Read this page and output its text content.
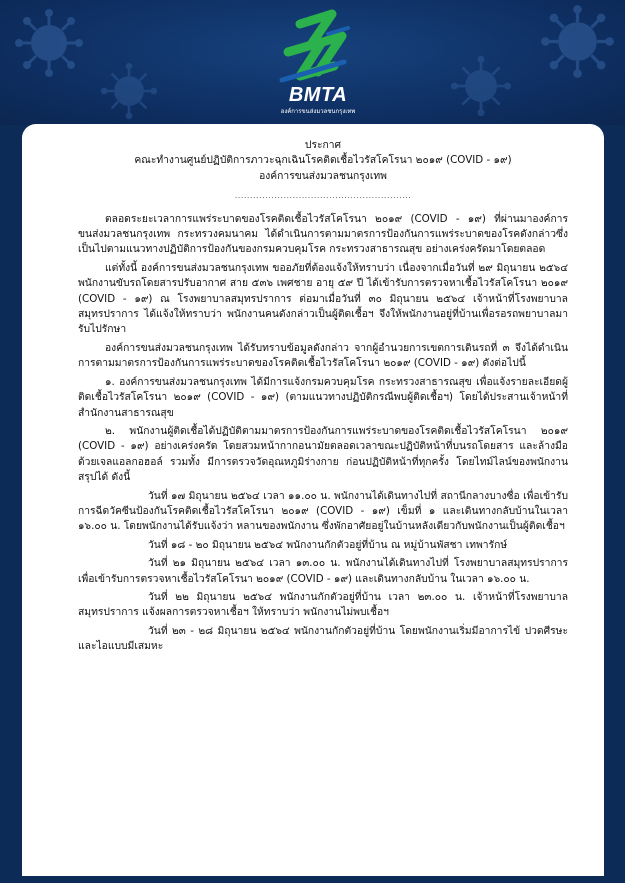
BMTA
องค์การขนส่งมวลชนกรุงเทพ
ประกาศ
คณะทำงานศูนย์ปฏิบัติการภาวะฉุกเฉินโรคติดเชื้อไวรัสโคโรนา ๒๐๑๙ (COVID - ๑๙)
องค์การขนส่งมวลชนกรุงเทพ
..........................................................

ตลอดระยะเวลาการแพร่ระบาดของโรคติดเชื้อไวรัสโคโรนา ๒๐๑๙ (COVID - ๑๙) ที่ผ่านมาองค์การขนส่งมวลชนกรุงเทพ กระทรวงคมนาคม ได้ดำเนินการตามมาตรการป้องกันการแพร่ระบาดของโรคดังกล่าวซึ่งเป็นไปตามแนวทางปฏิบัติการป้องกันของกรมควบคุมโรค กระทรวงสาธารณสุข อย่างเคร่งครัดมาโดยตลอด

แต่ทั้งนี้ องค์การขนส่งมวลชนกรุงเทพ ขออภัยที่ต้องแจ้งให้ทราบว่า เนื่องจากเมื่อวันที่ ๒๙ มิถุนายน ๒๕๖๔ พนักงานขับรถโดยสารปรับอากาศ สาย ๕๓๖ เพศชาย อายุ ๕๙ ปี ได้เข้ารับการตรวจหาเชื้อไวรัสโคโรนา ๒๐๑๙ (COVID - ๑๙) ณ โรงพยาบาลสมุทรปราการ ต่อมาเมื่อวันที่ ๓๐ มิถุนายน ๒๕๖๔ เจ้าหน้าที่โรงพยาบาลสมุทรปราการ ได้แจ้งให้ทราบว่า พนักงานคนดังกล่าวเป็นผู้ติดเชื้อฯ จึงให้พนักงานอยู่ที่บ้านเพื่อรอรถพยาบาลมารับไปรักษา

องค์การขนส่งมวลชนกรุงเทพ ได้รับทราบข้อมูลดังกล่าว จากผู้อำนวยการเขตการเดินรถที่ ๓ จึงได้ดำเนินการตามมาตรการป้องกันการแพร่ระบาดของโรคติดเชื้อไวรัสโคโรนา ๒๐๑๙ (COVID - ๑๙) ดังต่อไปนี้

๑. องค์การขนส่งมวลชนกรุงเทพ ได้มีการแจ้งกรมควบคุมโรค กระทรวงสาธารณสุข เพื่อแจ้งรายละเอียดผู้ติดเชื้อไวรัสโคโรนา ๒๐๑๙ (COVID - ๑๙) (ตามแนวทางปฏิบัติกรณีพบผู้ติดเชื้อฯ) โดยได้ประสานเจ้าหน้าที่สำนักงานสาธารณสุข

๒. พนักงานผู้ติดเชื้อได้ปฏิบัติตามมาตรการป้องกันการแพร่ระบาดของโรคติดเชื้อไวรัสโคโรนา ๒๐๑๙ (COVID - ๑๙) อย่างเคร่งครัด โดยสวมหน้ากากอนามัยตลอดเวลาขณะปฏิบัติหน้าที่บนรถโดยสาร และล้างมือด้วยเจลแอลกอฮอล์ รวมทั้ง มีการตรวจวัดอุณหภูมิร่างกาย ก่อนปฏิบัติหน้าที่ทุกครั้ง โดยไทม์ไลน์ของพนักงานสรุปได้ ดังนี้

วันที่ ๑๗ มิถุนายน ๒๕๖๔ เวลา ๑๑.๐๐ น. พนักงานได้เดินทางไปที่ สถานีกลางบางซื่อ เพื่อเข้ารับการฉีดวัคซีนป้องกันโรคติดเชื้อไวรัสโคโรนา ๒๐๑๙ (COVID - ๑๙) เข็มที่ ๑ และเดินทางกลับบ้านในเวลา ๑๖.๐๐ น. โดยพนักงานได้รับแจ้งว่า หลานของพนักงาน ซึ่งพักอาศัยอยู่ในบ้านหลังเดียวกับพนักงานเป็นผู้ติดเชื้อฯ

วันที่ ๑๘ - ๒๐ มิถุนายน ๒๕๖๔ พนักงานกักตัวอยู่ที่บ้าน ณ หมู่บ้านพัสชา เทพารักษ์

วันที่ ๒๑ มิถุนายน ๒๕๖๔ เวลา ๑๓.๐๐ น. พนักงานได้เดินทางไปที่ โรงพยาบาลสมุทรปราการ เพื่อเข้ารับการตรวจหาเชื้อไวรัสโคโรนา ๒๐๑๙ (COVID - ๑๙) และเดินทางกลับบ้าน ในเวลา ๑๖.๐๐ น.

วันที่ ๒๒ มิถุนายน ๒๕๖๔ พนักงานกักตัวอยู่ที่บ้าน เวลา ๒๓.๐๐ น. เจ้าหน้าที่โรงพยาบาลสมุทรปราการ แจ้งผลการตรวจหาเชื้อฯ ให้ทราบว่า พนักงานไม่พบเชื้อฯ

วันที่ ๒๓ - ๒๘ มิถุนายน ๒๕๖๔ พนักงานกักตัวอยู่ที่บ้าน โดยพนักงานเริ่มมีอาการไข้ ปวดศีรษะ และไอแบบมีเสมหะ
